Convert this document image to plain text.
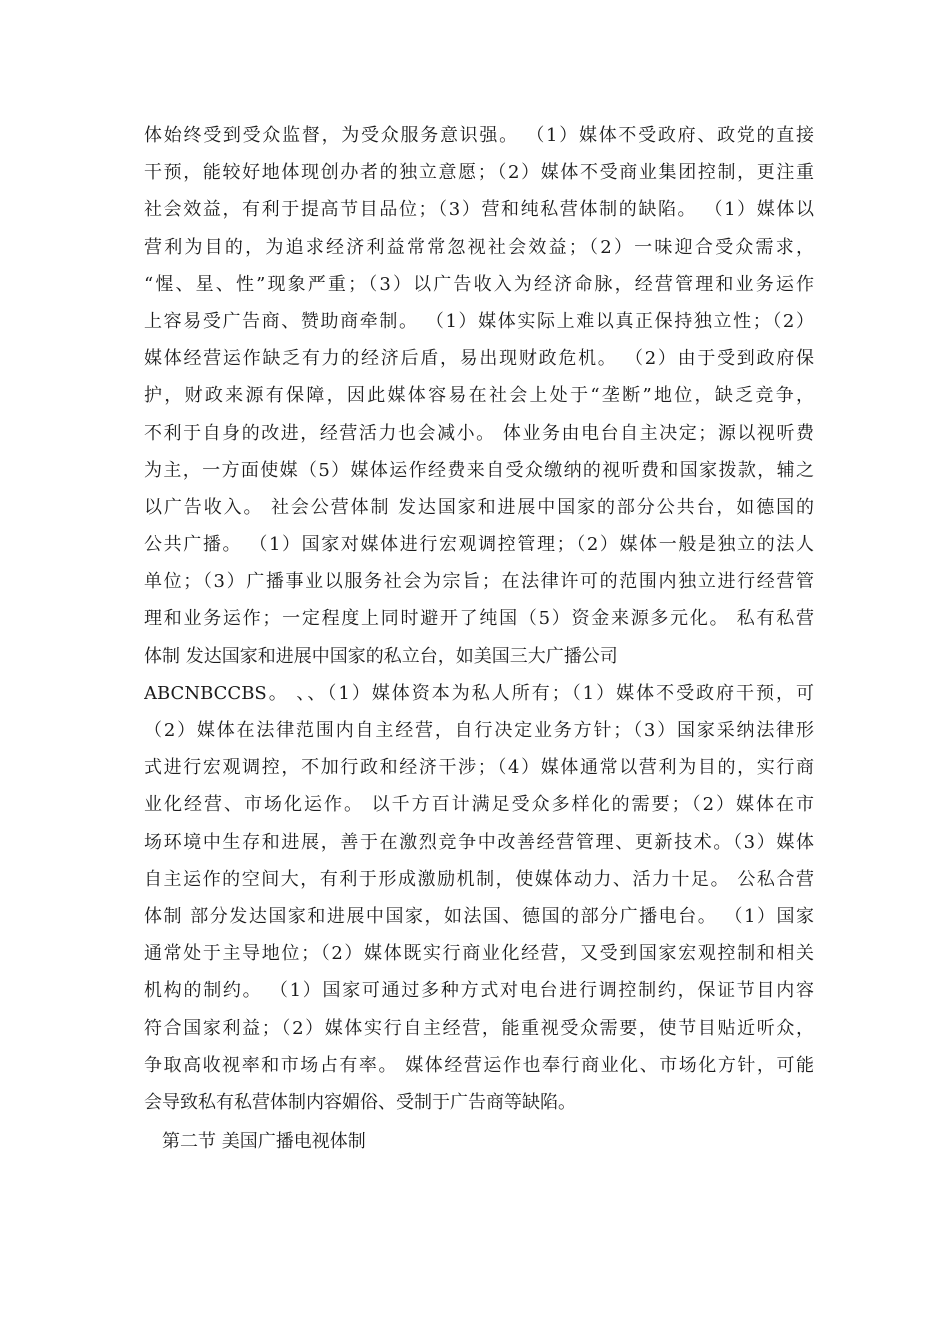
体始终受到受众监督，为受众服务意识强。 （1）媒体不受政府、政党的直接
干预，能较好地体现创办者的独立意愿；（2）媒体不受商业集团控制，更注重
社会效益，有利于提高节目品位；（3）营和纯私营体制的缺陷。 （1）媒体以
营利为目的，为追求经济利益常常忽视社会效益；（2）一味迎合受众需求，
“惺、星、性”现象严重；（3）以广告收入为经济命脉，经营管理和业务运作
上容易受广告商、赞助商牵制。 （1）媒体实际上难以真正保持独立性；（2）
媒体经营运作缺乏有力的经济后盾，易出现财政危机。 （2）由于受到政府保
护，财政来源有保障，因此媒体容易在社会上处于“垄断”地位，缺乏竞争，
不利于自身的改进，经营活力也会减小。 体业务由电台自主决定；源以视听费
为主，一方面使媒（5）媒体运作经费来自受众缴纳的视听费和国家拨款，辅之
以广告收入。 社会公营体制 发达国家和进展中国家的部分公共台，如德国的
公共广播。 （1）国家对媒体进行宏观调控管理；（2）媒体一般是独立的法人
单位；（3）广播事业以服务社会为宗旨；在法律许可的范围内独立进行经营管
理和业务运作；一定程度上同时避开了纯国（5）资金来源多元化。 私有私营
体制 发达国家和进展中国家的私立台，如美国三大广播公司
ABCNBCCBS。 、、（1）媒体资本为私人所有；（1）媒体不受政府干预，可
（2）媒体在法律范围内自主经营，自行决定业务方针；（3）国家采纳法律形
式进行宏观调控，不加行政和经济干涉；（4）媒体通常以营利为目的，实行商
业化经营、市场化运作。 以千方百计满足受众多样化的需要；（2）媒体在市
场环境中生存和进展，善于在激烈竞争中改善经营管理、更新技术。（3）媒体
自主运作的空间大，有利于形成激励机制，使媒体动力、活力十足。 公私合营
体制 部分发达国家和进展中国家，如法国、德国的部分广播电台。 （1）国家
通常处于主导地位；（2）媒体既实行商业化经营，又受到国家宏观控制和相关
机构的制约。 （1）国家可通过多种方式对电台进行调控制约，保证节目内容
符合国家利益；（2）媒体实行自主经营，能重视受众需要，使节目贴近听众，
争取高收视率和市场占有率。 媒体经营运作也奉行商业化、市场化方针，可能
会导致私有私营体制内容媚俗、受制于广告商等缺陷。
第二节 美国广播电视体制
